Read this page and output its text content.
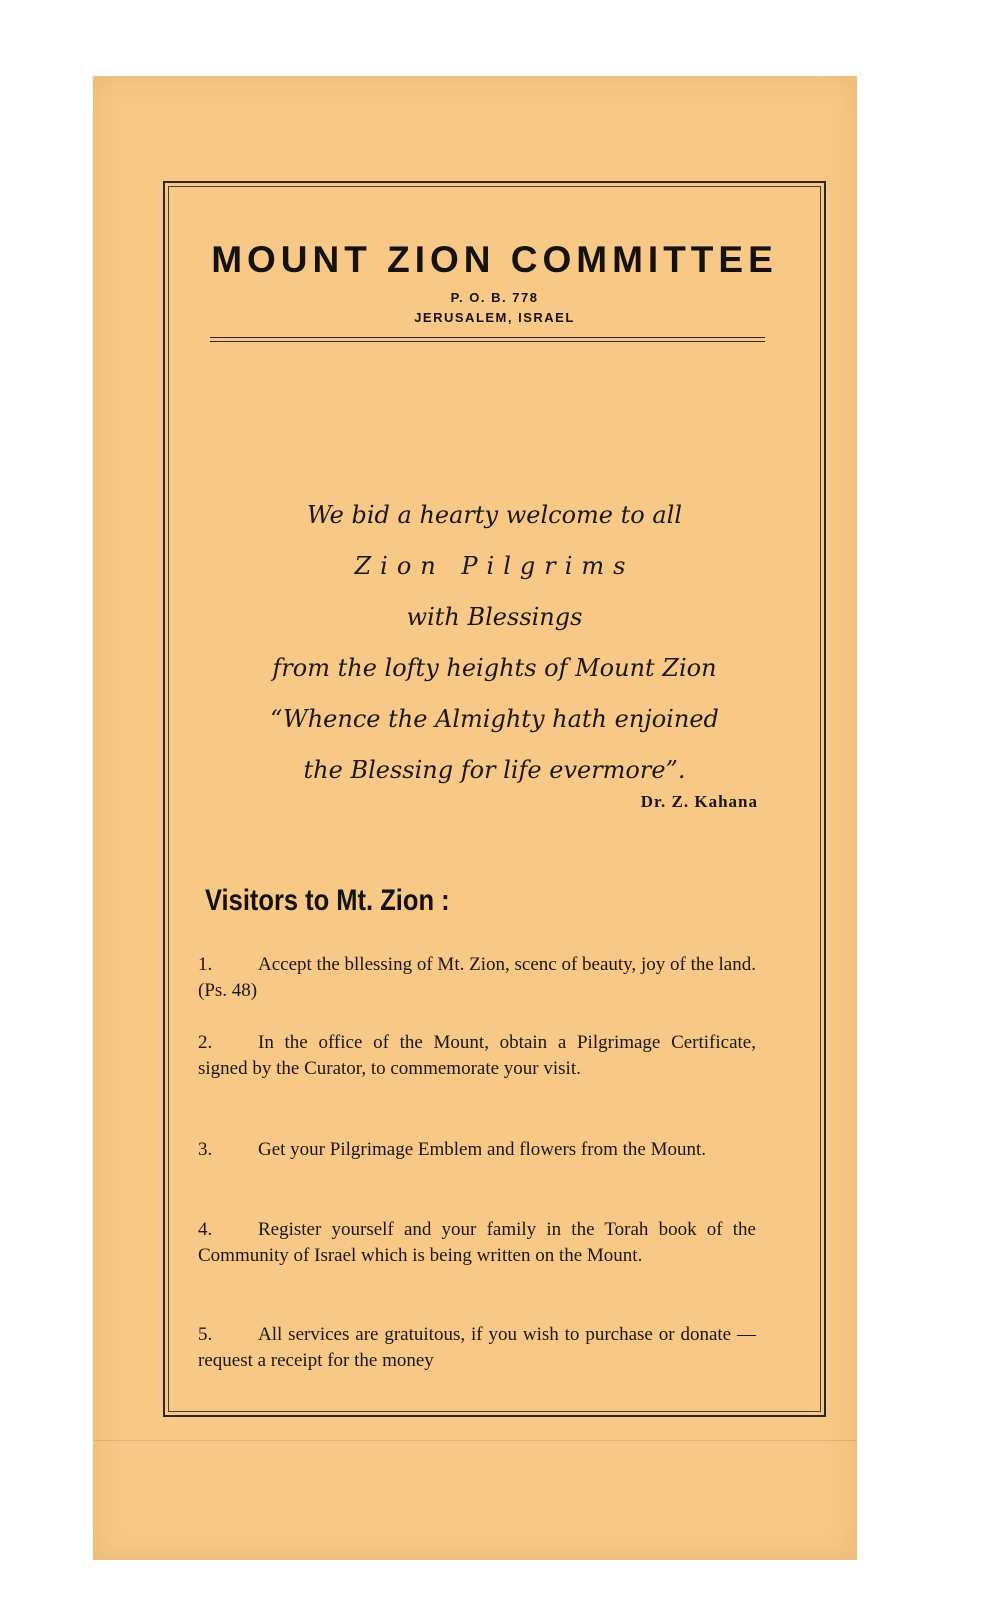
MOUNT ZION COMMITTEE
P. O. B. 778
JERUSALEM, ISRAEL
We bid a hearty welcome to all
Zion Pilgrims
with Blessings
from the lofty heights of Mount Zion
“Whence the Almighty hath enjoined
the Blessing for life evermore”.
Dr. Z. Kahana
Visitors to Mt. Zion :
1. Accept the bllessing of Mt. Zion, scenc of beauty, joy of the land. (Ps. 48)
2. In the office of the Mount, obtain a Pilgrimage Certificate, signed by the Curator, to commemorate your visit.
3. Get your Pilgrimage Emblem and flowers from the Mount.
4. Register yourself and your family in the Torah book of the Community of Israel which is being written on the Mount.
5. All services are gratuitous, if you wish to purchase or donate — request a receipt for the money
